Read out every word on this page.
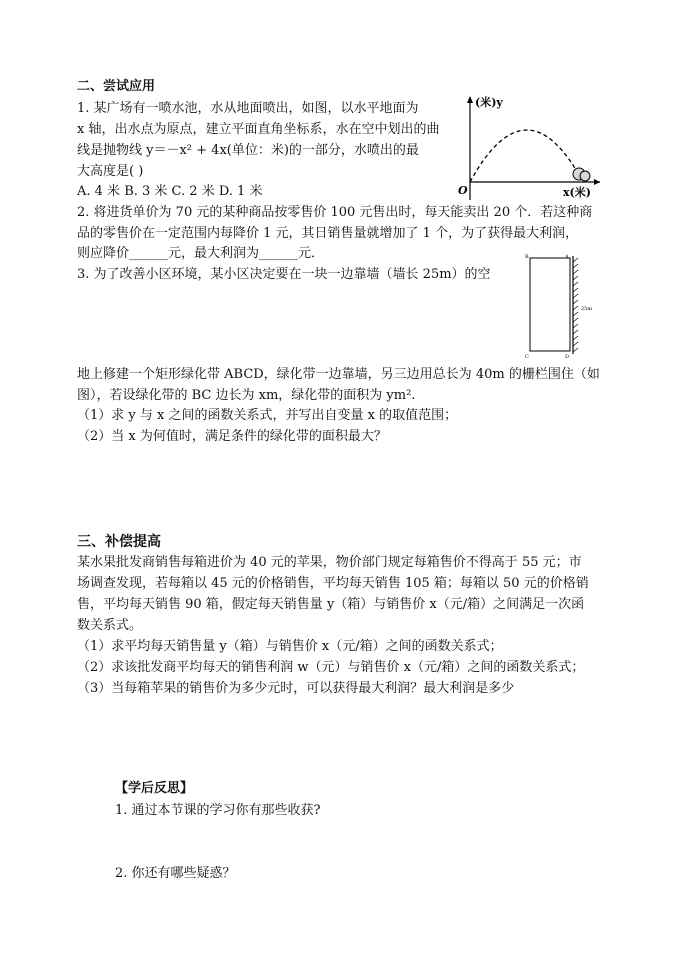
二、尝试应用
1. 某广场有一喷水池，水从地面喷出，如图，以水平地面为
x 轴，出水点为原点，建立平面直角坐标系，水在空中划出的曲
线是抛物线 y＝－x² + 4x(单位：米)的一部分，水喷出的最
大高度是( )
A. 4 米 B. 3 米 C. 2 米 D. 1 米
(米)y
O	x(米)
2. 将进货单价为 70 元的某种商品按零售价 100 元售出时，每天能卖出 20 个．若这种商
品的零售价在一定范围内每降价 1 元，其日销售量就增加了 1 个，为了获得最大利润，
则应降价______元，最大利润为______元．
3. 为了改善小区环境，某小区决定要在一块一边靠墙（墙长 25m）的空
B	A
C	D
25m
地上修建一个矩形绿化带 ABCD，绿化带一边靠墙，另三边用总长为 40m 的栅栏围住（如
图），若设绿化带的 BC 边长为 xm，绿化带的面积为 ym².
（1）求 y 与 x 之间的函数关系式，并写出自变量 x 的取值范围；
（2）当 x 为何值时，满足条件的绿化带的面积最大？
三、补偿提高
某水果批发商销售每箱进价为 40 元的苹果，物价部门规定每箱售价不得高于 55 元；市
场调查发现，若每箱以 45 元的价格销售，平均每天销售 105 箱；每箱以 50 元的价格销
售，平均每天销售 90 箱，假定每天销售量 y（箱）与销售价 x（元/箱）之间满足一次函
数关系式。
（1）求平均每天销售量 y（箱）与销售价 x（元/箱）之间的函数关系式；
（2）求该批发商平均每天的销售利润 w（元）与销售价 x（元/箱）之间的函数关系式；
（3）当每箱苹果的销售价为多少元时，可以获得最大利润？最大利润是多少
【学后反思】
1. 通过本节课的学习你有那些收获?
2. 你还有哪些疑惑？
